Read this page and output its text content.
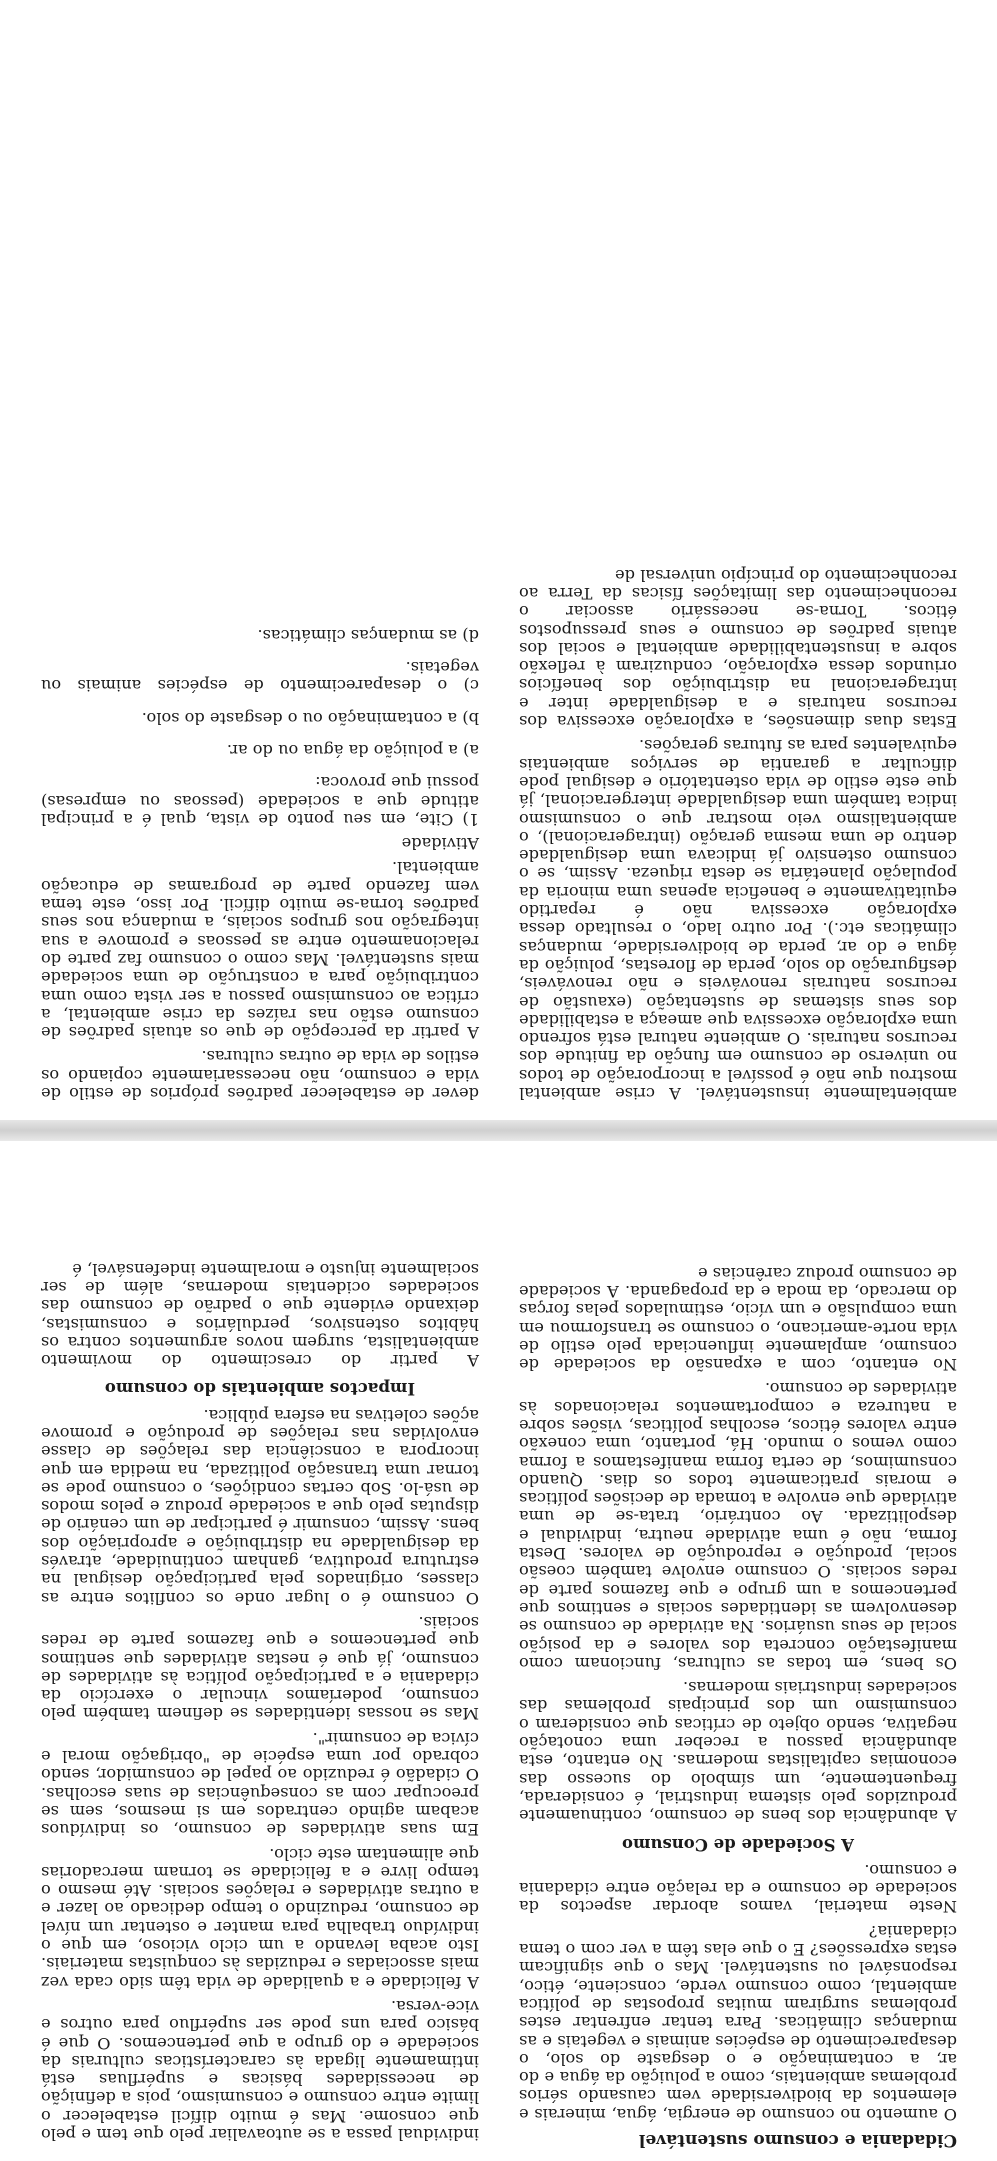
ambientalmente insustentável. A crise ambiental mostrou que não é possível a incorporação de todos no universo de consumo em função da finitude dos recursos naturais. O ambiente natural está sofrendo uma exploração excessiva que ameaça a estabilidade dos seus sistemas de sustentação (exaustão de recursos naturais renováveis e não renováveis, desfiguração do solo, perda de florestas, poluição da água e do ar, perda de biodiversidade, mudanças climáticas etc.). Por outro lado, o resultado dessa exploração excessiva não é repartido equitativamente e beneficia apenas uma minoria da população planetária se desta riqueza. Assim, se o consumo ostensivo já indicava uma desigualdade dentro de uma mesma geração (intrageracional), o ambientalismo veio mostrar que o consumismo indica também uma desigualdade intergeracional, já que este estilo de vida ostentatório e desigual pode dificultar a garantia de serviços ambientais equivalentes para as futuras gerações.

Estas duas dimensões, a exploração excessiva dos recursos naturais e a desigualdade inter e intrageracional na distribuição dos benefícios oriundos dessa exploração, conduziram à reflexão sobre a insustentabilidade ambiental e social dos atuais padrões de consumo e seus pressupostos éticos. Torna-se necessário associar o reconhecimento das limitações físicas da Terra ao reconhecimento do princípio universal de

dever de estabelecer padrões próprios de estilo de vida e consumo, não necessariamente copiando os estilos de vida de outras culturas.

A partir da percepção de que os atuais padrões de consumo estão nas raízes da crise ambiental, a crítica ao consumismo passou a ser vista como uma contribuição para a construção de uma sociedade mais sustentável. Mas como o consumo faz parte do relacionamento entre as pessoas e promove a sua integração nos grupos sociais, a mudança nos seus padrões torna-se muito difícil. Por isso, este tema vem fazendo parte de programas de educação ambiental.

Atividade

1) Cite, em seu ponto de vista, qual é a principal atitude que a sociedade (pessoas ou empresas) possui que provoca:
a) a poluição da água ou do ar.
b) a contaminação ou o desgaste do solo.
c) o desaparecimento de espécies animais ou vegetais.
d) as mudanças climáticas.
Cidadania e consumo sustentável

O aumento no consumo de energia, água, minerais e elementos da biodiversidade vem causando sérios problemas ambientais, como a poluição da água e do ar, a contaminação e o desgaste do solo, o desaparecimento de espécies animais e vegetais e as mudanças climáticas. Para tentar enfrentar estes problemas surgiram muitas propostas de política ambiental, como consumo verde, consciente, ético, responsável ou sustentável. Mas o que significam estas expressões? E o que elas têm a ver com o tema cidadania?

Neste material, vamos abordar aspectos da sociedade de consumo e da relação entre cidadania e consumo.

A Sociedade de Consumo

A abundância dos bens de consumo, continuamente produzidos pelo sistema industrial, é considerada, frequentemente, um símbolo do sucesso das economias capitalistas modernas. No entanto, esta abundância passou a receber uma conotação negativa, sendo objeto de críticas que consideram o consumismo um dos principais problemas das sociedades industriais modernas.

Os bens, em todas as culturas, funcionam como manifestação concreta dos valores e da posição social de seus usuários. Na atividade de consumo se desenvolvem as identidades sociais e sentimos que pertencemos a um grupo e que fazemos parte de redes sociais. O consumo envolve também coesão social, produção e reprodução de valores. Desta forma, não é uma atividade neutra, individual e despolitizada. Ao contrário, trata-se de uma atividade que envolve a tomada de decisões políticas e morais praticamente todos os dias. Quando consumimos, de certa forma manifestamos a forma como vemos o mundo. Há, portanto, uma conexão entre valores éticos, escolhas políticas, visões sobre a natureza e comportamentos relacionados às atividades de consumo.

No entanto, com a expansão da sociedade de consumo, amplamente influenciada pelo estilo de vida norte-americano, o consumo se transformou em uma compulsão e um vício, estimulados pelas forças do mercado, da moda e da propaganda. A sociedade de consumo produz carências e

individual passa a se autoavaliar pelo que tem e pelo que consome. Mas é muito difícil estabelecer o limite entre consumo e consumismo, pois a definição de necessidades básicas e supérfluas está intimamente ligada às características culturais da sociedade e do grupo a que pertencemos. O que é básico para uns pode ser supérfluo para outros e vice-versa.

A felicidade e a qualidade de vida têm sido cada vez mais associadas e reduzidas às conquistas materiais. Isto acaba levando a um ciclo vicioso, em que o indivíduo trabalha para manter e ostentar um nível de consumo, reduzindo o tempo dedicado ao lazer e a outras atividades e relações sociais. Até mesmo o tempo livre e a felicidade se tornam mercadorias que alimentam este ciclo.

Em suas atividades de consumo, os indivíduos acabam agindo centrados em si mesmos, sem se preocupar com as consequências de suas escolhas. O cidadão é reduzido ao papel de consumidor, sendo cobrado por uma espécie de "obrigação moral e cívica de consumir".

Mas se nossas identidades se definem também pelo consumo, poderíamos vincular o exercício da cidadania e a participação política às atividades de consumo, já que é nestas atividades que sentimos que pertencemos e que fazemos parte de redes sociais.

O consumo é o lugar onde os conflitos entre as classes, originados pela participação desigual na estrutura produtiva, ganham continuidade, através da desigualdade na distribuição e apropriação dos bens. Assim, consumir é participar de um cenário de disputas pelo que a sociedade produz e pelos modos de usá-lo. Sob certas condições, o consumo pode se tornar uma transação politizada, na medida em que incorpora a consciência das relações de classe envolvidas nas relações de produção e promove ações coletivas na esfera pública.

Impactos ambientais do consumo

A partir do crescimento do movimento ambientalista, surgem novos argumentos contra os hábitos ostensivos, perdulários e consumistas, deixando evidente que o padrão de consumo das sociedades ocidentais modernas, além de ser socialmente injusto e moralmente indefensável, é
